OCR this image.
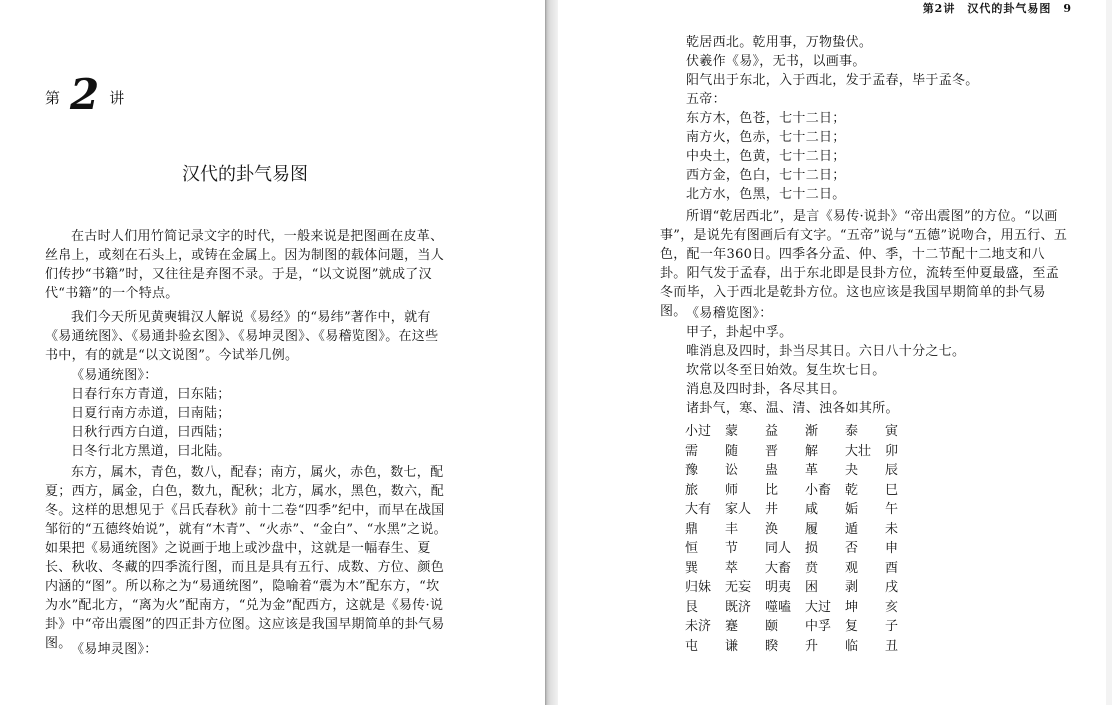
第 2 讲
汉代的卦气易图

在古时人们用竹简记录文字的时代，一般来说是把图画在皮革、丝帛上，或刻在石头上，或铸在金属上。因为制图的载体问题，当人们传抄“书籍”时，又往往是弃图不录。于是，“以文说图”就成了汉代“书籍”的一个特点。

我们今天所见黄奭辑汉人解说《易经》的“易纬”著作中，就有《易通统图》、《易通卦验玄图》、《易坤灵图》、《易稽览图》。在这些书中，有的就是“以文说图”。今试举几例。

《易通统图》：
日春行东方青道，曰东陆；
日夏行南方赤道，曰南陆；
日秋行西方白道，曰西陆；
日冬行北方黑道，曰北陆。

东方，属木，青色，数八，配春；南方，属火，赤色，数七，配夏；西方，属金，白色，数九，配秋；北方，属水，黑色，数六，配冬。这样的思想见于《吕氏春秋》前十二卷“四季”纪中，而早在战国邹衍的“五德终始说”，就有“木青”、“火赤”、“金白”、“水黑”之说。如果把《易通统图》之说画于地上或沙盘中，这就是一幅春生、夏长、秋收、冬藏的四季流行图，而且是具有五行、成数、方位、颜色内涵的“图”。所以称之为“易通统图”，隐喻着“震为木”配东方，“坎为水”配北方，“离为火”配南方，“兑为金”配西方，这就是《易传·说卦》中“帝出震图”的四正卦方位图。这应该是我国早期简单的卦气易图。 《易坤灵图》：
第2讲　汉代的卦气易图　9
乾居西北。乾用事，万物蛰伏。
伏羲作《易》，无书，以画事。
阳气出于东北，入于西北，发于孟春，毕于孟冬。
五帝：
东方木，色苍，七十二日；
南方火，色赤，七十二日；
中央土，色黄，七十二日；
西方金，色白，七十二日；
北方水，色黑，七十二日。

所谓“乾居西北”，是言《易传·说卦》“帝出震图”的方位。“以画事”，是说先有图画后有文字。“五帝”说与“五德”说吻合，用五行、五色，配一年360日。四季各分孟、仲、季，十二节配十二地支和八卦。阳气发于孟春，出于东北即是艮卦方位，流转至仲夏最盛，至孟冬而毕，入于西北是乾卦方位。这也应该是我国早期简单的卦气易图。 《易稽览图》：
甲子，卦起中孚。
唯消息及四时，卦当尽其日。六日八十分之七。
坎常以冬至日始效。复生坎七日。
消息及四时卦，各尽其日。
诸卦气，寒、温、清、浊各如其所。
小过	蒙	益	渐	泰	寅
需	随	晋	解	大壮	卯
豫	讼	蛊	革	夬	辰
旅	师	比	小畜	乾	巳
大有	家人	井	咸	姤	午
鼎	丰	涣	履	遁	未
恒	节	同人	损	否	申
巽	萃	大畜	贲	观	酉
归妹	无妄	明夷	困	剥	戌
艮	既济	噬嗑	大过	坤	亥
未济	蹇	颐	中孚	复	子
屯	谦	睽	升	临	丑
